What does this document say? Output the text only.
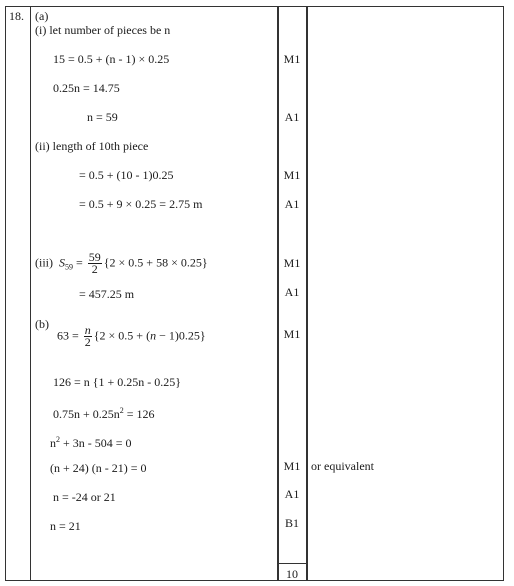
18. (a)
(i) let number of pieces be n
15 = 0.5 + (n - 1) × 0.25
0.25n = 14.75
n = 59
(ii) length of 10th piece
= 0.5 + (10 - 1)0.25
= 0.5 + 9 × 0.25 = 2.75 m
(iii) $S_{59} = \frac{59}{2} \{2 \times 0.5 + 58 \times 0.25\}$
= 457.25 m
(b)
$63 = \frac{n}{2} \{2 \times 0.5 + (n - 1)0.25\}$
126 = n {1 + 0.25n - 0.25}
$0.75n + 0.25n^2 = 126$
$n^2 + 3n - 504 = 0$
(n + 24) (n - 21) = 0
n = -24 or 21
n = 21
M1
A1
M1
A1
M1
A1
M1
M1
A1
B1
10
or equivalent
